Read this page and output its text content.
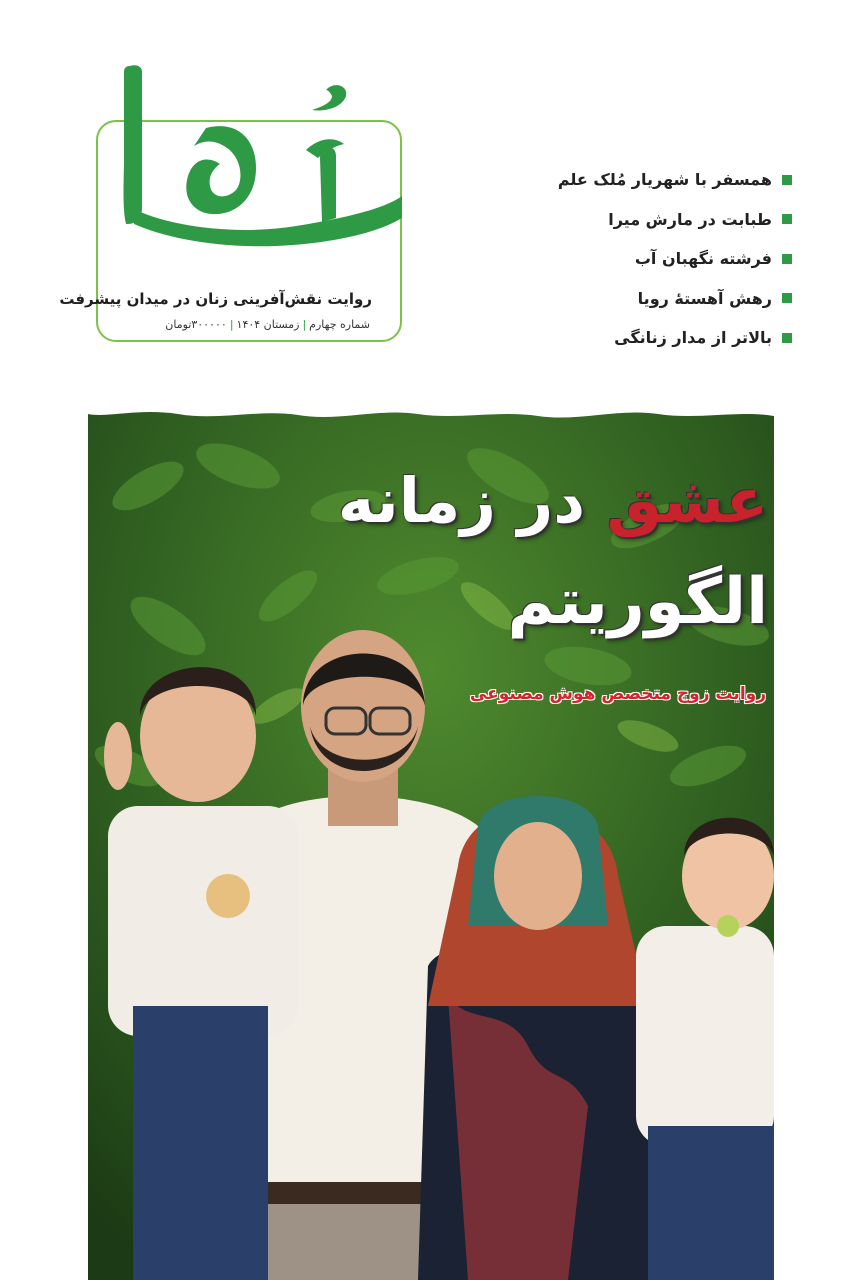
روایت نقش‌آفرینی زنان در میدان پیشرفت
شماره چهارم|زمستان ۱۴۰۴|۳۰۰۰۰۰تومان
همسفر با شهریار مُلک علم
طبابت در مارش میرا
فرشته نگهبان آب
رهش آهستهٔ رویا
بالاتر از مدار زنانگی
عشق در زمانه
الگوریتم
روایت زوج متخصص هوش مصنوعی
